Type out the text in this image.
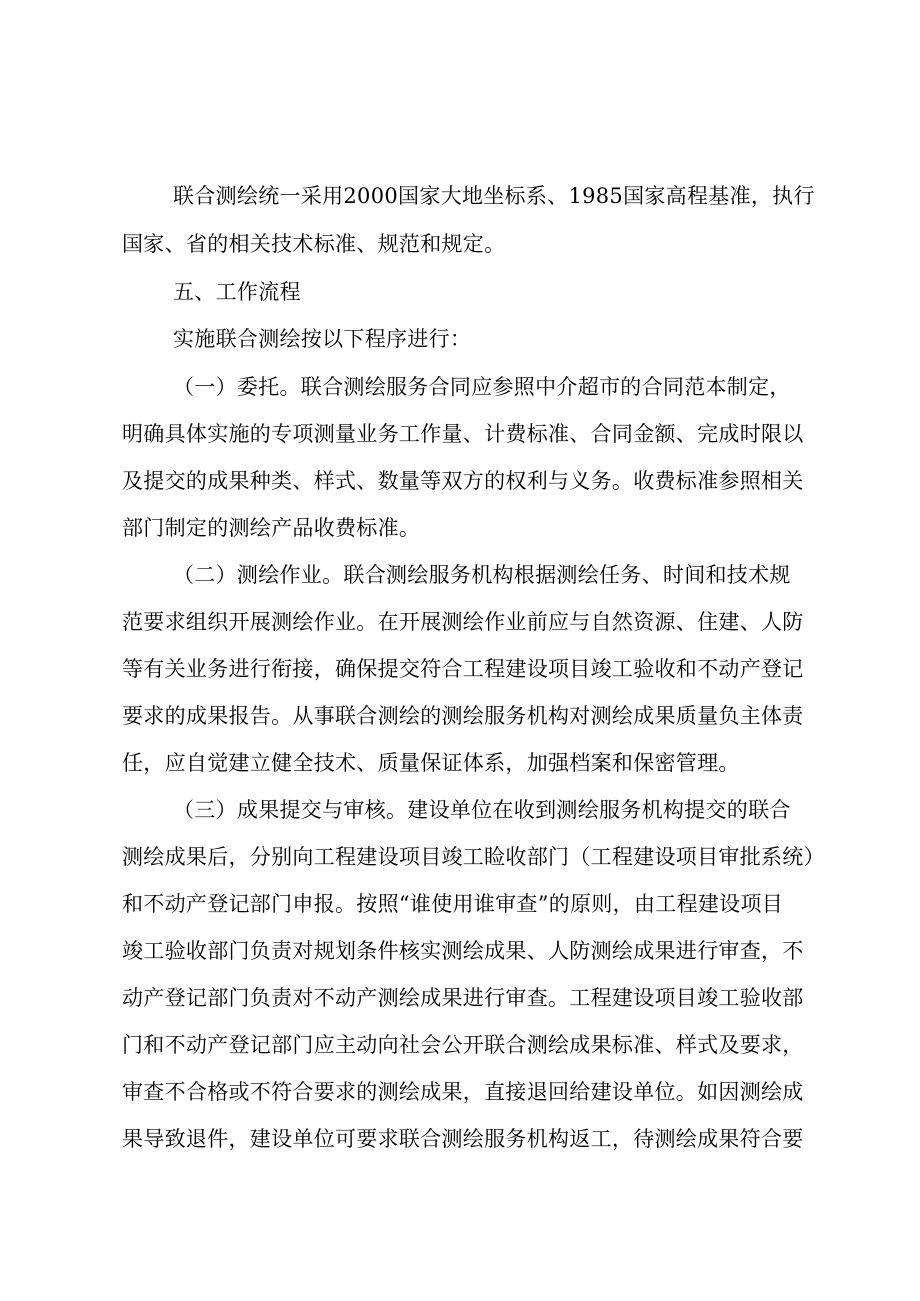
联合测绘统一采用2000国家大地坐标系、1985国家高程基准，执行
国家、省的相关技术标准、规范和规定。
五、工作流程
实施联合测绘按以下程序进行：
（一）委托。联合测绘服务合同应参照中介超市的合同范本制定，
明确具体实施的专项测量业务工作量、计费标准、合同金额、完成时限以
及提交的成果种类、样式、数量等双方的权利与义务。收费标准参照相关
部门制定的测绘产品收费标准。
（二）测绘作业。联合测绘服务机构根据测绘任务、时间和技术规
范要求组织开展测绘作业。在开展测绘作业前应与自然资源、住建、人防
等有关业务进行衔接，确保提交符合工程建设项目竣工验收和不动产登记
要求的成果报告。从事联合测绘的测绘服务机构对测绘成果质量负主体责
任，应自觉建立健全技术、质量保证体系，加强档案和保密管理。
（三）成果提交与审核。建设单位在收到测绘服务机构提交的联合
测绘成果后，分别向工程建设项目竣工睑收部门（工程建设项目审批系统）
和不动产登记部门申报。按照“谁使用谁审查”的原则，由工程建设项目
竣工验收部门负责对规划条件核实测绘成果、人防测绘成果进行审查，不
动产登记部门负责对不动产测绘成果进行审查。工程建设项目竣工验收部
门和不动产登记部门应主动向社会公开联合测绘成果标准、样式及要求，
审查不合格或不符合要求的测绘成果，直接退回给建设单位。如因测绘成
果导致退件，建设单位可要求联合测绘服务机构返工，待测绘成果符合要
